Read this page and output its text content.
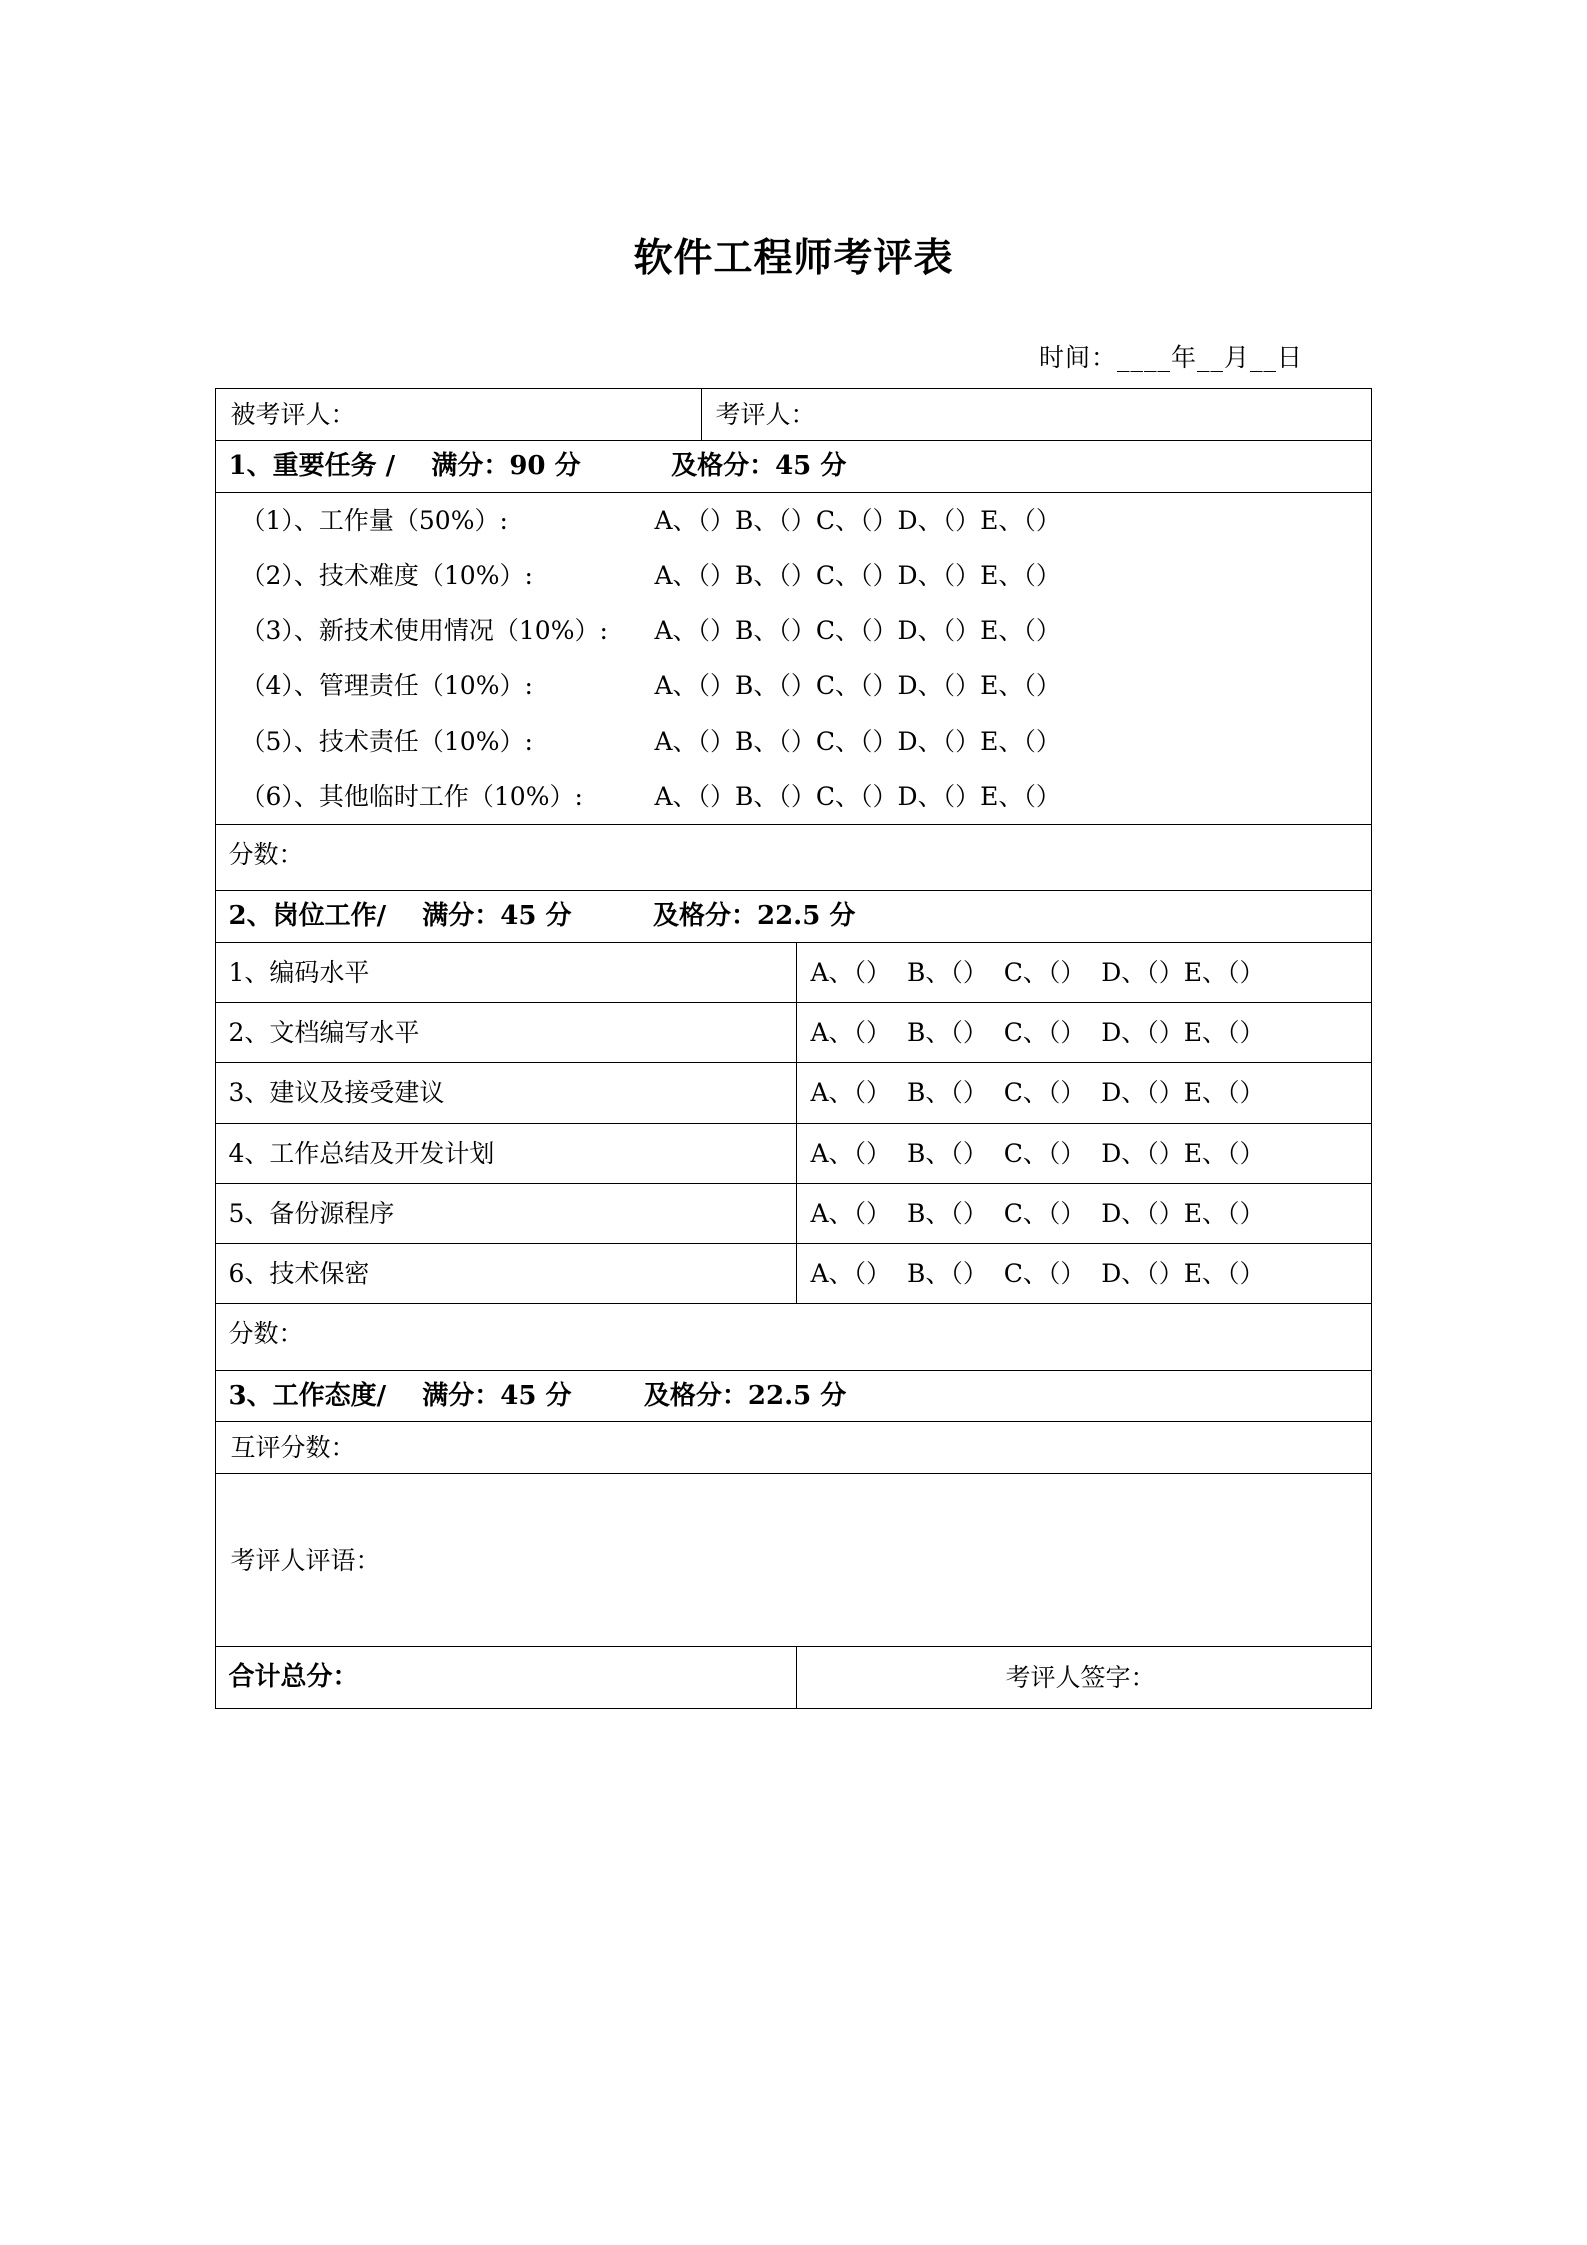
软件工程师考评表
时间：____年__月__日
被考评人：	考评人：	

1、重要任务 /    满分：90 分          及格分：45 分		

（1）、工作量（50%）:	A、（）B、（）C、（）D、（）E、（）
（2）、技术难度（10%）:	A、（）B、（）C、（）D、（）E、（）
（3）、新技术使用情况（10%）:	A、（）B、（）C、（）D、（）E、（）
（4）、管理责任（10%）:	A、（）B、（）C、（）D、（）E、（）
（5）、技术责任（10%）:	A、（）B、（）C、（）D、（）E、（）
（6）、其他临时工作（10%）:	A、（）B、（）C、（）D、（）E、（）

分数：		

2、岗位工作/    满分：45 分         及格分：22.5 分		

1、编码水平		A、（）  B、（）  C、（）  D、（）E、（）

2、文档编写水平		A、（）  B、（）  C、（）  D、（）E、（）

3、建议及接受建议		A、（）  B、（）  C、（）  D、（）E、（）

4、工作总结及开发计划		A、（）  B、（）  C、（）  D、（）E、（）

5、备份源程序		A、（）  B、（）  C、（）  D、（）E、（）

6、技术保密		A、（）  B、（）  C、（）  D、（）E、（）

分数：		

3、工作态度/    满分：45 分        及格分：22.5 分		

互评分数：		

考评人评语：		

合计总分：		考评人签字：
